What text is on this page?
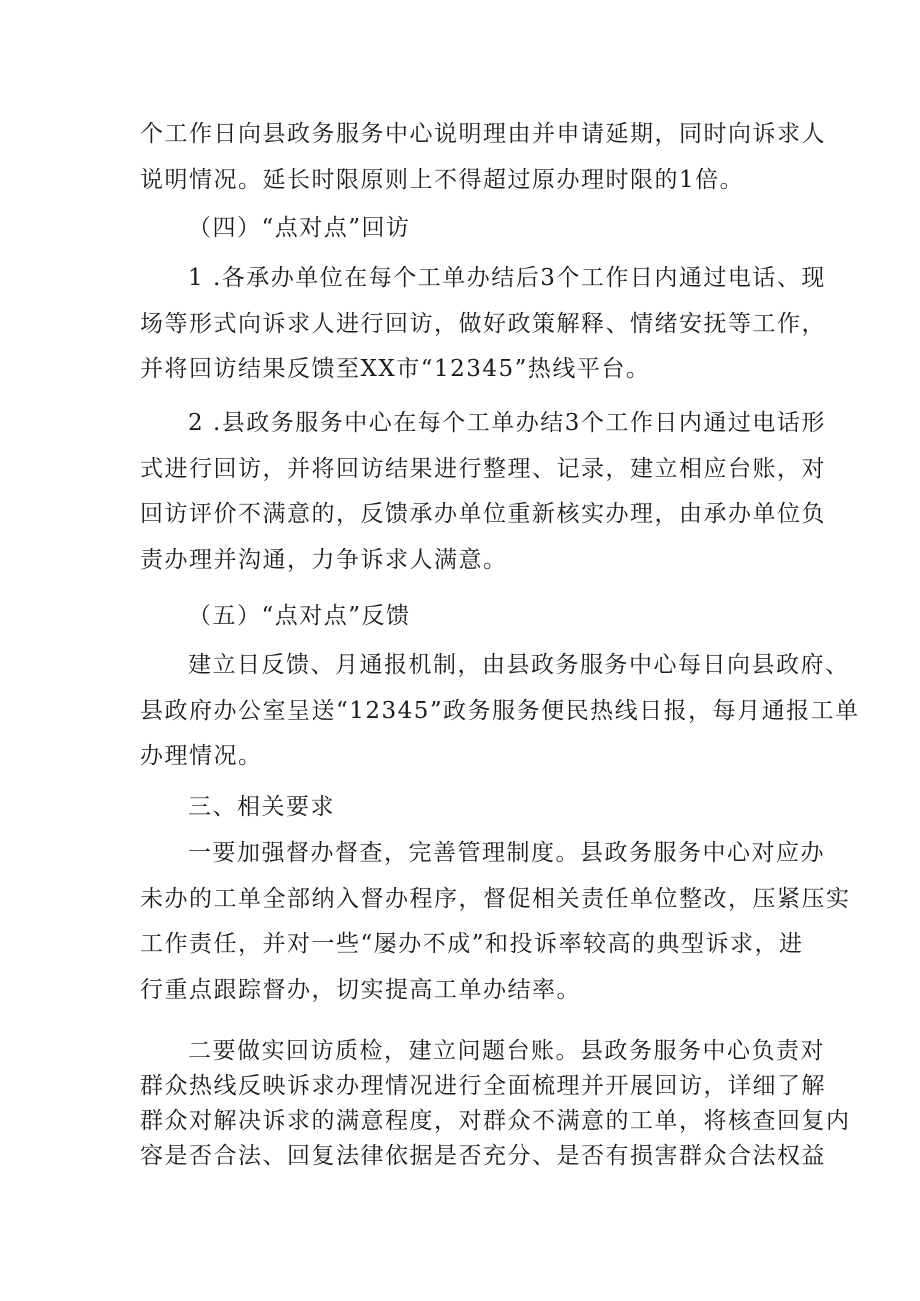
个工作日向县政务服务中心说明理由并申请延期，同时向诉求人
说明情况。延长时限原则上不得超过原办理时限的1倍。
（四）“点对点”回访
1 .各承办单位在每个工单办结后3个工作日内通过电话、现
场等形式向诉求人进行回访，做好政策解释、情绪安抚等工作，
并将回访结果反馈至XX市“12345”热线平台。
2 .县政务服务中心在每个工单办结3个工作日内通过电话形
式进行回访，并将回访结果进行整理、记录，建立相应台账，对
回访评价不满意的，反馈承办单位重新核实办理，由承办单位负
责办理并沟通，力争诉求人满意。
（五）“点对点”反馈
建立日反馈、月通报机制，由县政务服务中心每日向县政府、
县政府办公室呈送“12345”政务服务便民热线日报，每月通报工单
办理情况。
三、相关要求
一要加强督办督查，完善管理制度。县政务服务中心对应办
未办的工单全部纳入督办程序，督促相关责任单位整改，压紧压实
工作责任，并对一些“屡办不成”和投诉率较高的典型诉求，进
行重点跟踪督办，切实提高工单办结率。
二要做实回访质检，建立问题台账。县政务服务中心负责对
群众热线反映诉求办理情况进行全面梳理并开展回访，详细了解
群众对解决诉求的满意程度，对群众不满意的工单，将核查回复内
容是否合法、回复法律依据是否充分、是否有损害群众合法权益
